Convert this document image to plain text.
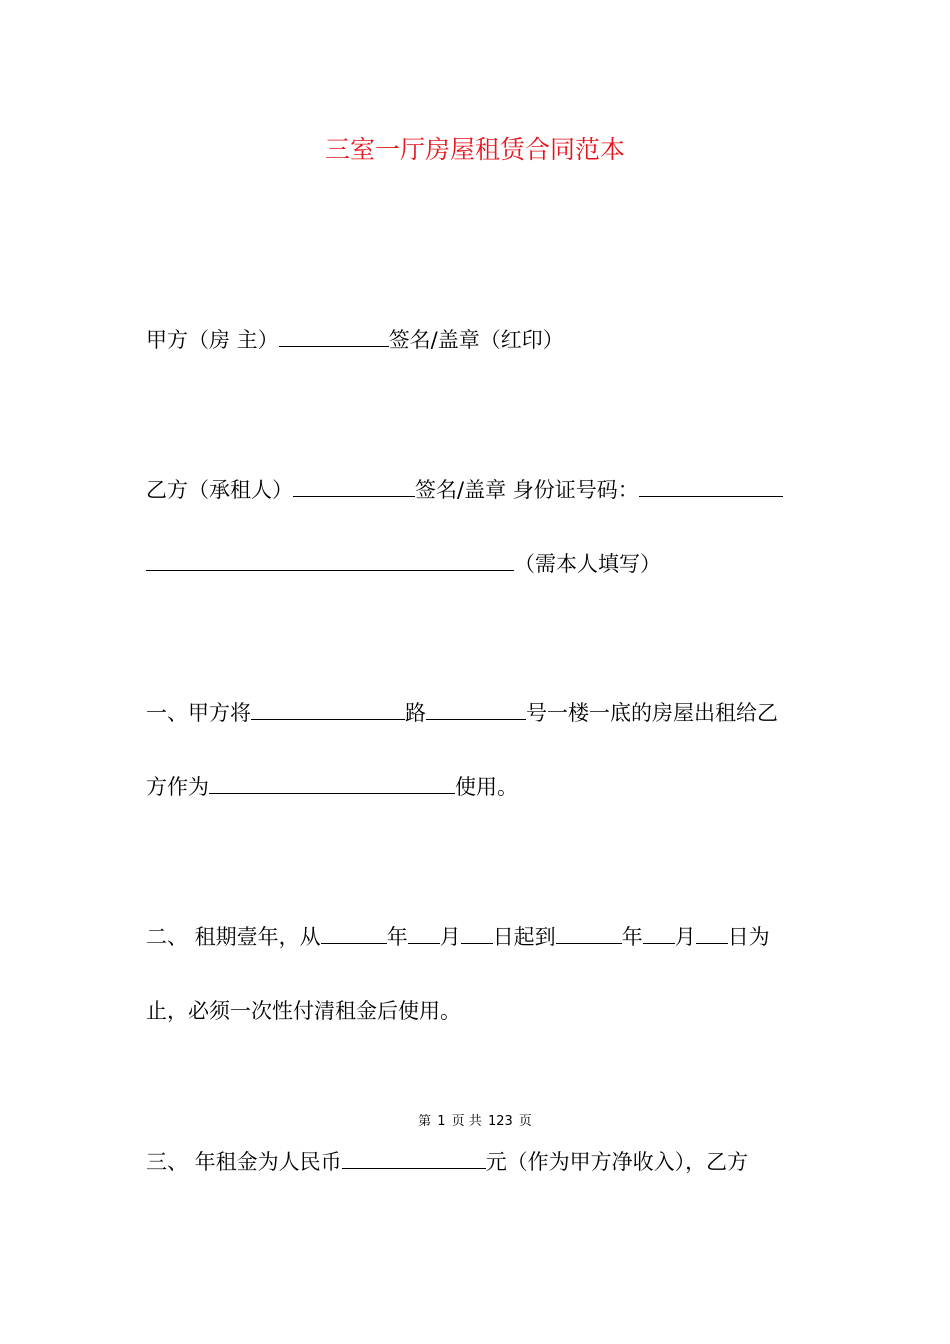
三室一厅房屋租赁合同范本
甲方（房 主）	签名/盖章（红印）
乙方（承租人）	签名/盖章 身份证号码：
（需本人填写）
一、甲方将	路	号一楼一底的房屋出租给乙
方作为	使用。
二、 租期壹年，从	年 月 日起到	年 月 日为
止，必须一次性付清租金后使用。
第 1 页 共 123 页
三、 年租金为人民币	元（作为甲方净收入），乙方
